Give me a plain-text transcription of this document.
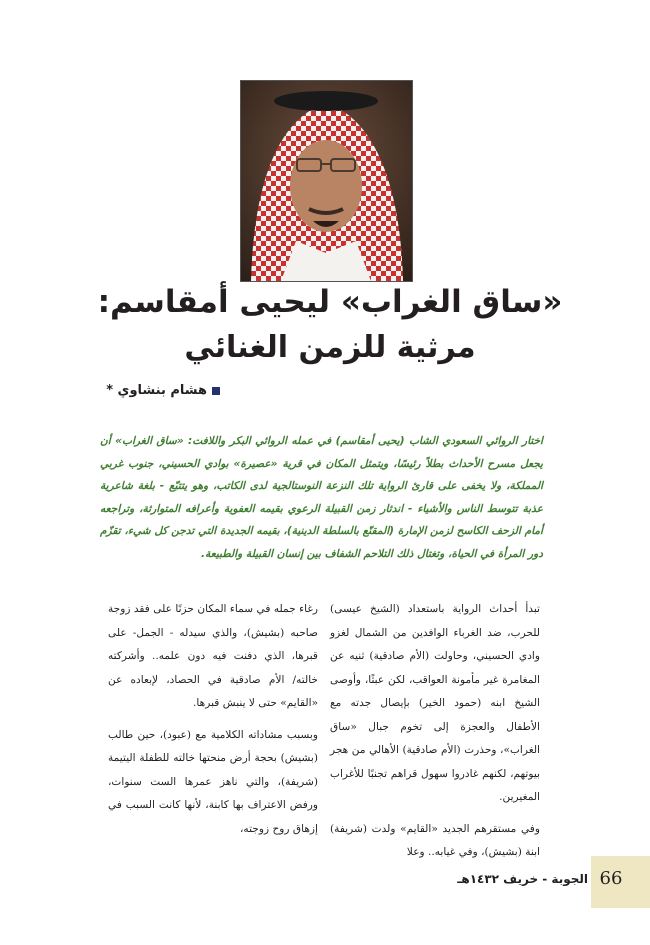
«ساق الغراب» ليحيى أمقاسم:
مرثية للزمن الغنائي
هشام بنشاوي *
اختار الروائي السعودي الشاب (يحيى أمقاسم) في عمله الروائي البكر واللافت: «ساق الغراب» أن يجعل مسرح الأحداث بطلاً رئيسًا، ويتمثل المكان في قرية «عصيرة» بوادي الحسيني، جنوب غربي المملكة، ولا يخفى على قارئ الرواية تلك النزعة النوستالجية لدى الكاتب، وهو يتتبّع - بلغة شاعرية عذبة تتوسط الناس والأشياء - اندثار زمن القبيلة الرعوي بقيمه العفوية وأعرافه المتوارثة، وتراجعه أمام الزحف الكاسح لزمن الإمارة (المقنّع بالسلطة الدينية)، بقيمه الجديدة التي تدجن كل شيء، تقزّم دور المرأة في الحياة، وتغتال ذلك التلاحم الشفاف بين إنسان القبيلة والطبيعة.

تبدأ أحداث الرواية باستعداد (الشيخ عيسى) للحرب، ضد الغرباء الوافدين من الشمال لغزو وادي الحسيني، وحاولت (الأم صادقية) ثنيه عن المغامرة غير مأمونة العواقب، لكن عبثًا، وأوصى الشيخ ابنه (حمود الخير) بإيصال جدته مع الأطفال والعجزة إلى تخوم جبال «ساق الغراب»، وحذرت (الأم صادقية) الأهالي من هجر بيوتهم، لكنهم غادروا سهول قراهم تجنبًا للأغراب المغيرين.

وفي مستقرهم الجديد «القايم» ولدت (شريفة) ابنة (بشيش)، وفي غيابه.. وعلا

رغاء جمله في سماء المكان حزنًا على فقد زوجة صاحبه (بشيش)، والذي سيدله - الجمل- على قبرها، الذي دفنت فيه دون علمه.. وأشركته خالته/ الأم صادقية في الحصاد، لإبعاده عن «القايم» حتى لا ينبش قبرها.

وبسبب مشاداته الكلامية مع (عبود)، حين طالب (بشيش) بحجة أرض منحتها خالته للطفلة اليتيمة (شريفة)، والتي ناهز عمرها الست سنوات، ورفض الاعتراف بها كابنة، لأنها كانت السبب في إزهاق روح زوجته،

الجوبة - خريف ١٤٣٢هـ 66
